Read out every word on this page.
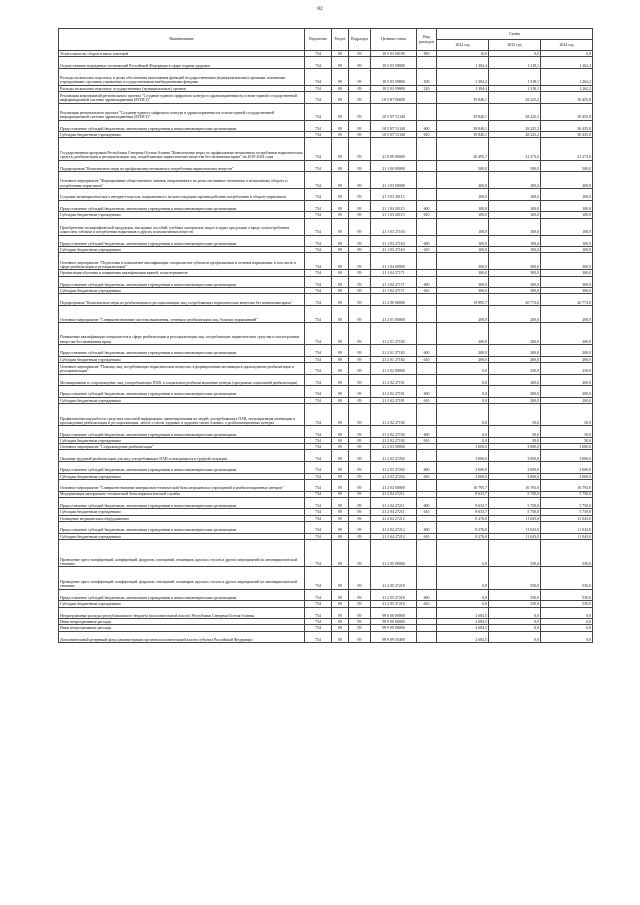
82
Наименование	Ведомство	Раздел	Подраздел	Целевая статья	Вид расходов	Сумма		
						2022 год	2023 год	2024 год
Уплата налогов, сборов и иных платежей	734	09	09	10 5 03 00190	850	10,0	0,0	0,0
Осуществление переданных полномочий Российской Федерации в сфере охраны здоровья	734	09	09	10 5 03 59800		1 384,4	1 318,1	1 262,2
Расходы на выплаты персоналу в целях обеспечения выполнения функций государственными (муниципальными) органами, казенными учреждениями, органами управления государственными внебюджетными фондами	734	09	09	10 5 03 59800	100	1 384,4	1 318,1	1 262,2
Расходы на выплаты персоналу государственных (муниципальных) органов	734	09	09	10 5 03 59800	120	1 384,4	1 318,1	1 262,2
Реализация мероприятий регионального проекта "Создание единого цифрового контура в здравоохранении на основе единой государственной информационной системы здравоохранения (ЕГИСЗ)"	734	09	09	10 5 N7 00000		39 840,1	28 225,2	30 455,8
Реализация регионального проекта "Создание единого цифрового контура в здравоохранении на основе единой государственной информационной системы здравоохранения (ЕГИСЗ)"	734	09	09	10 5 N7 51140		39 840,1	28 225,2	30 455,8
Предоставление субсидий бюджетным, автономным учреждениям и иным некоммерческим организациям	734	09	09	10 5 N7 51140	600	39 840,1	28 225,2	30 455,8
Субсидии бюджетным учреждениям	734	09	09	10 5 N7 51140	610	39 840,1	28 225,2	30 455,8
Государственная программа Республики Северная Осетия-Алания "Комплексные меры по профилактике незаконного потребления наркотических средств, реабилитации и ресоциализации лиц, потребляющих наркотические вещества без назначения врача" на 2019-2024 годы	734	09	09	21 0 00 00000		20 495,7	21 273,0	21 273,0
Подпрограмма "Комплексные меры по профилактике незаконного потребления наркотических веществ"	734	09	09	21 1 00 00000		500,0	500,0	500,0
Основное мероприятие "Формирование общественного мнения, направленного на резко негативное отношение к незаконному обороту и потреблению наркотиков"	734	09	09	21 1 03 00000		200,0	200,0	200,0
Создание антинаркотического интернет-портала, направленного на консолидацию противодействия потреблению и обороту наркотиков	734	09	09	21 1 03 20115		100,0	100,0	100,0
Предоставление субсидий бюджетным, автономным учреждениям и иным некоммерческим организациям	734	09	09	21 1 03 20115	600	100,0	100,0	100,0
Субсидии бюджетным учреждениям	734	09	09	21 1 03 20115	610	100,0	100,0	100,0
Приобретение полиграфической продукции, наглядных пособий, учебных материалов, видео и аудио продукции о вреде злоупотребления алкоголем, табаком и потребления наркотиков и других психоактивных веществ	734	09	09	21 1 03 27163		100,0	100,0	100,0
Предоставление субсидий бюджетным, автономным учреждениям и иным некоммерческим организациям	734	09	09	21 1 03 27163	600	100,0	100,0	100,0
Субсидии бюджетным учреждениям	734	09	09	21 1 03 27163	610	100,0	100,0	100,0
Основное мероприятие "Подготовка и повышение квалификации специалистов субъектов профилактики и лечения наркомании, в том числе в сфере реабилитации и ресоциализации"	734	09	09	21 1 04 00000		300,0	300,0	300,0
Организация обучения и повышения квалификации врачей, психотерапевтов	734	09	09	21 1 04 27171		300,0	300,0	300,0
Предоставление субсидий бюджетным, автономным учреждениям и иным некоммерческим организациям	734	09	09	21 1 04 27171	600	300,0	300,0	300,0
Субсидии бюджетным учреждениям	734	09	09	21 1 04 27171	610	300,0	300,0	300,0
Подпрограмма "Комплексные меры по реабилитации и ресоциализации лиц, потребляющих наркотические вещества без назначения врача"	734	09	09	21 2 00 00000		19 995,7	20 773,0	20 773,0
Основное мероприятие "Совершенствование системы выявления, лечения и реабилитации лиц, больных наркоманией"	734	09	09	21 2 01 00000		200,0	200,0	200,0
Повышение квалификации специалистов в сфере реабилитации и ресоциализации лиц, потребляющих наркотические средства и психотропные вещества без назначения врача	734	09	09	21 2 01 27182		200,0	200,0	200,0
Предоставление субсидий бюджетным, автономным учреждениям и иным некоммерческим организациям	734	09	09	21 2 01 27182	600	200,0	200,0	200,0
Субсидии бюджетным учреждениям	734	09	09	21 2 01 27182	610	200,0	200,0	200,0
Основное мероприятие "Помощь лиц, потребляющих наркотические вещества, к формированию мотивации к прохождению реабилитации и ресоциализации"	734	09	09	21 2 02 00000		0,0	250,0	250,0
Мотивирование и сопровождение лиц, употребляющих ПАВ, в социальные реабилитационные центры (программа социальной реабилитации)	734	09	09	21 2 02 27191		0,0	200,0	200,0
Предоставление субсидий бюджетным, автономным учреждениям и иным некоммерческим организациям	734	09	09	21 2 02 27191	600	0,0	200,0	200,0
Субсидии бюджетным учреждениям	734	09	09	21 2 02 27191	610	0,0	200,0	200,0
Профилактическая работа в средствах массовой информации, ориентированная на людей, употребляющих ПАВ, популяризация мотивации к прохождению реабилитации и ресоциализации, заботе о своем здоровье и здоровье своих близких, о реабилитационных центрах	734	09	09	21 2 02 27192		0,0	50,0	50,0
Предоставление субсидий бюджетным, автономным учреждениям и иным некоммерческим организациям	734	09	09	21 2 02 27192	600	0,0	50,0	50,0
Субсидии бюджетным учреждениям	734	09	09	21 2 02 27192	610	0,0	50,0	50,0
Основное мероприятие "Сопровождение реабилитации"	734	09	09	21 2 03 00000		3 000,0	3 000,0	3 000,0
Оказание трудовой реабилитации для лиц, употребляющих ПАВ и находящихся в трудной ситуации	734	09	09	21 2 03 27202		3 000,0	3 000,0	3 000,0
Предоставление субсидий бюджетным, автономным учреждениям и иным некоммерческим организациям	734	09	09	21 2 03 27202	600	3 000,0	3 000,0	3 000,0
Субсидии бюджетным учреждениям	734	09	09	21 2 03 27202	610	3 000,0	3 000,0	3 000,0
Основное мероприятие "Совершенствование материально-технической базы медицинских учреждений и реабилитационных центров"	734	09	09	21 2 04 00000		16 795,7	16 793,0	16 793,0
Модернизация материально-технической базы наркологической службы	734	09	09	21 2 04 27211		8 633,7	5 750,0	5 750,0
Предоставление субсидий бюджетным, автономным учреждениям и иным некоммерческим организациям	734	09	09	21 2 04 27211	600	8 633,7	5 750,0	5 750,0
Субсидии бюджетным учреждениям	734	09	09	21 2 04 27211	610	8 633,7	5 750,0	5 750,0
Оснащение медицинским оборудованием	734	09	09	21 2 04 27212		8 276,0	11 043,0	11 043,0
Предоставление субсидий бюджетным, автономным учреждениям и иным некоммерческим организациям	734	09	09	21 2 04 27212	600	8 276,0	11 043,0	11 043,0
Субсидии бюджетным учреждениям	734	09	09	21 2 04 27212	610	8 276,0	11 043,0	11 043,0
Проведение пресс-конференций, конференций, форумов, совещаний, семинаров, круглых столов и других мероприятий по антинаркотической тематике	734	09	09	21 2 05 00000		0,0	530,0	530,0
Проведение пресс-конференций, конференций, форумов, совещаний, семинаров, круглых столов и других мероприятий по антинаркотической тематике	734	09	09	21 2 05 27218		0,0	530,0	530,0
Предоставление субсидий бюджетным, автономным учреждениям и иным некоммерческим организациям	734	09	09	21 2 05 27218	600	0,0	530,0	530,0
Субсидии бюджетным учреждениям	734	09	09	21 2 05 27218	610	0,0	530,0	530,0
Непрограммные расходы республиканского бюджета (исполнительной власти) Республики Северная Осетия-Алания	734	09	09	99 0 00 00000		2 684,5	0,0	0,0
Иные непрограммные расходы	734	09	09	99 9 00 00000		2 684,5	0,0	0,0
Иные непрограммные расходы	734	09	09	99 9 09 00000		2 684,5	0,0	0,0
Дополнительный резервный фонд администрации органов исполнительной власти субъекта Российской Федерации	734	09	09	99 9 09 55490		2 684,5	0,0	0,0
